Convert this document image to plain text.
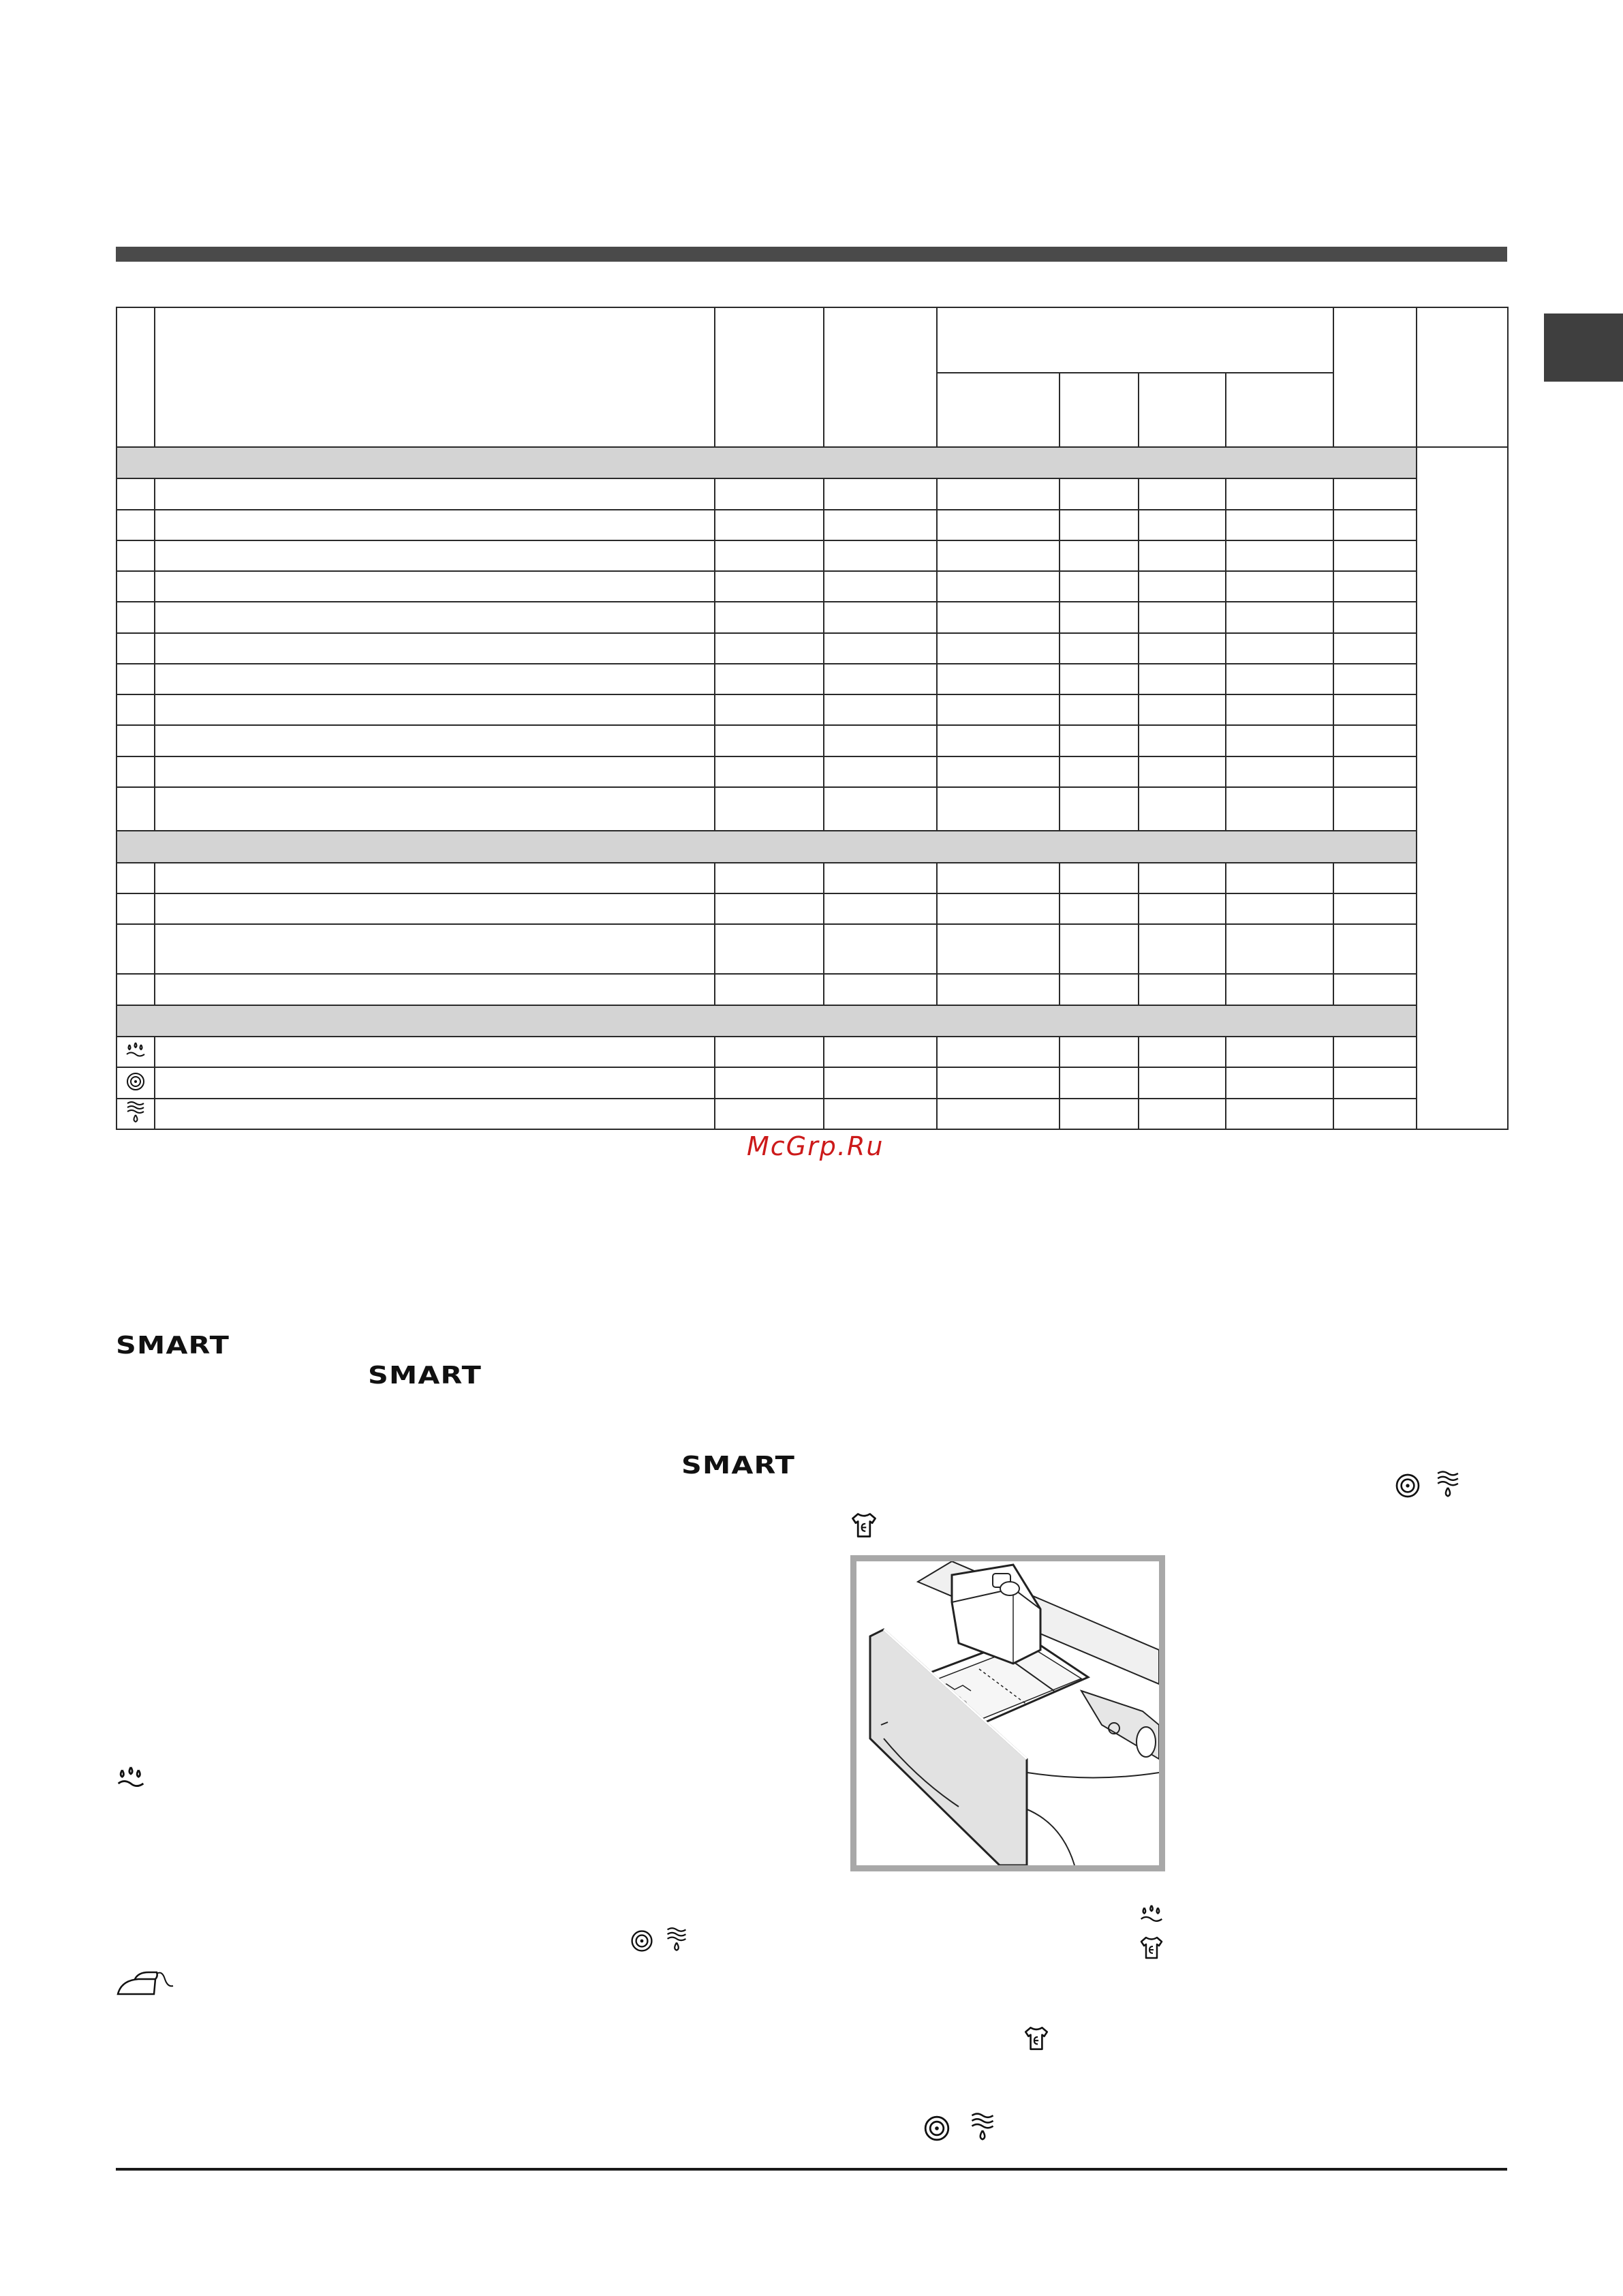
McGrp.Ru
SMART
SMART
SMART
